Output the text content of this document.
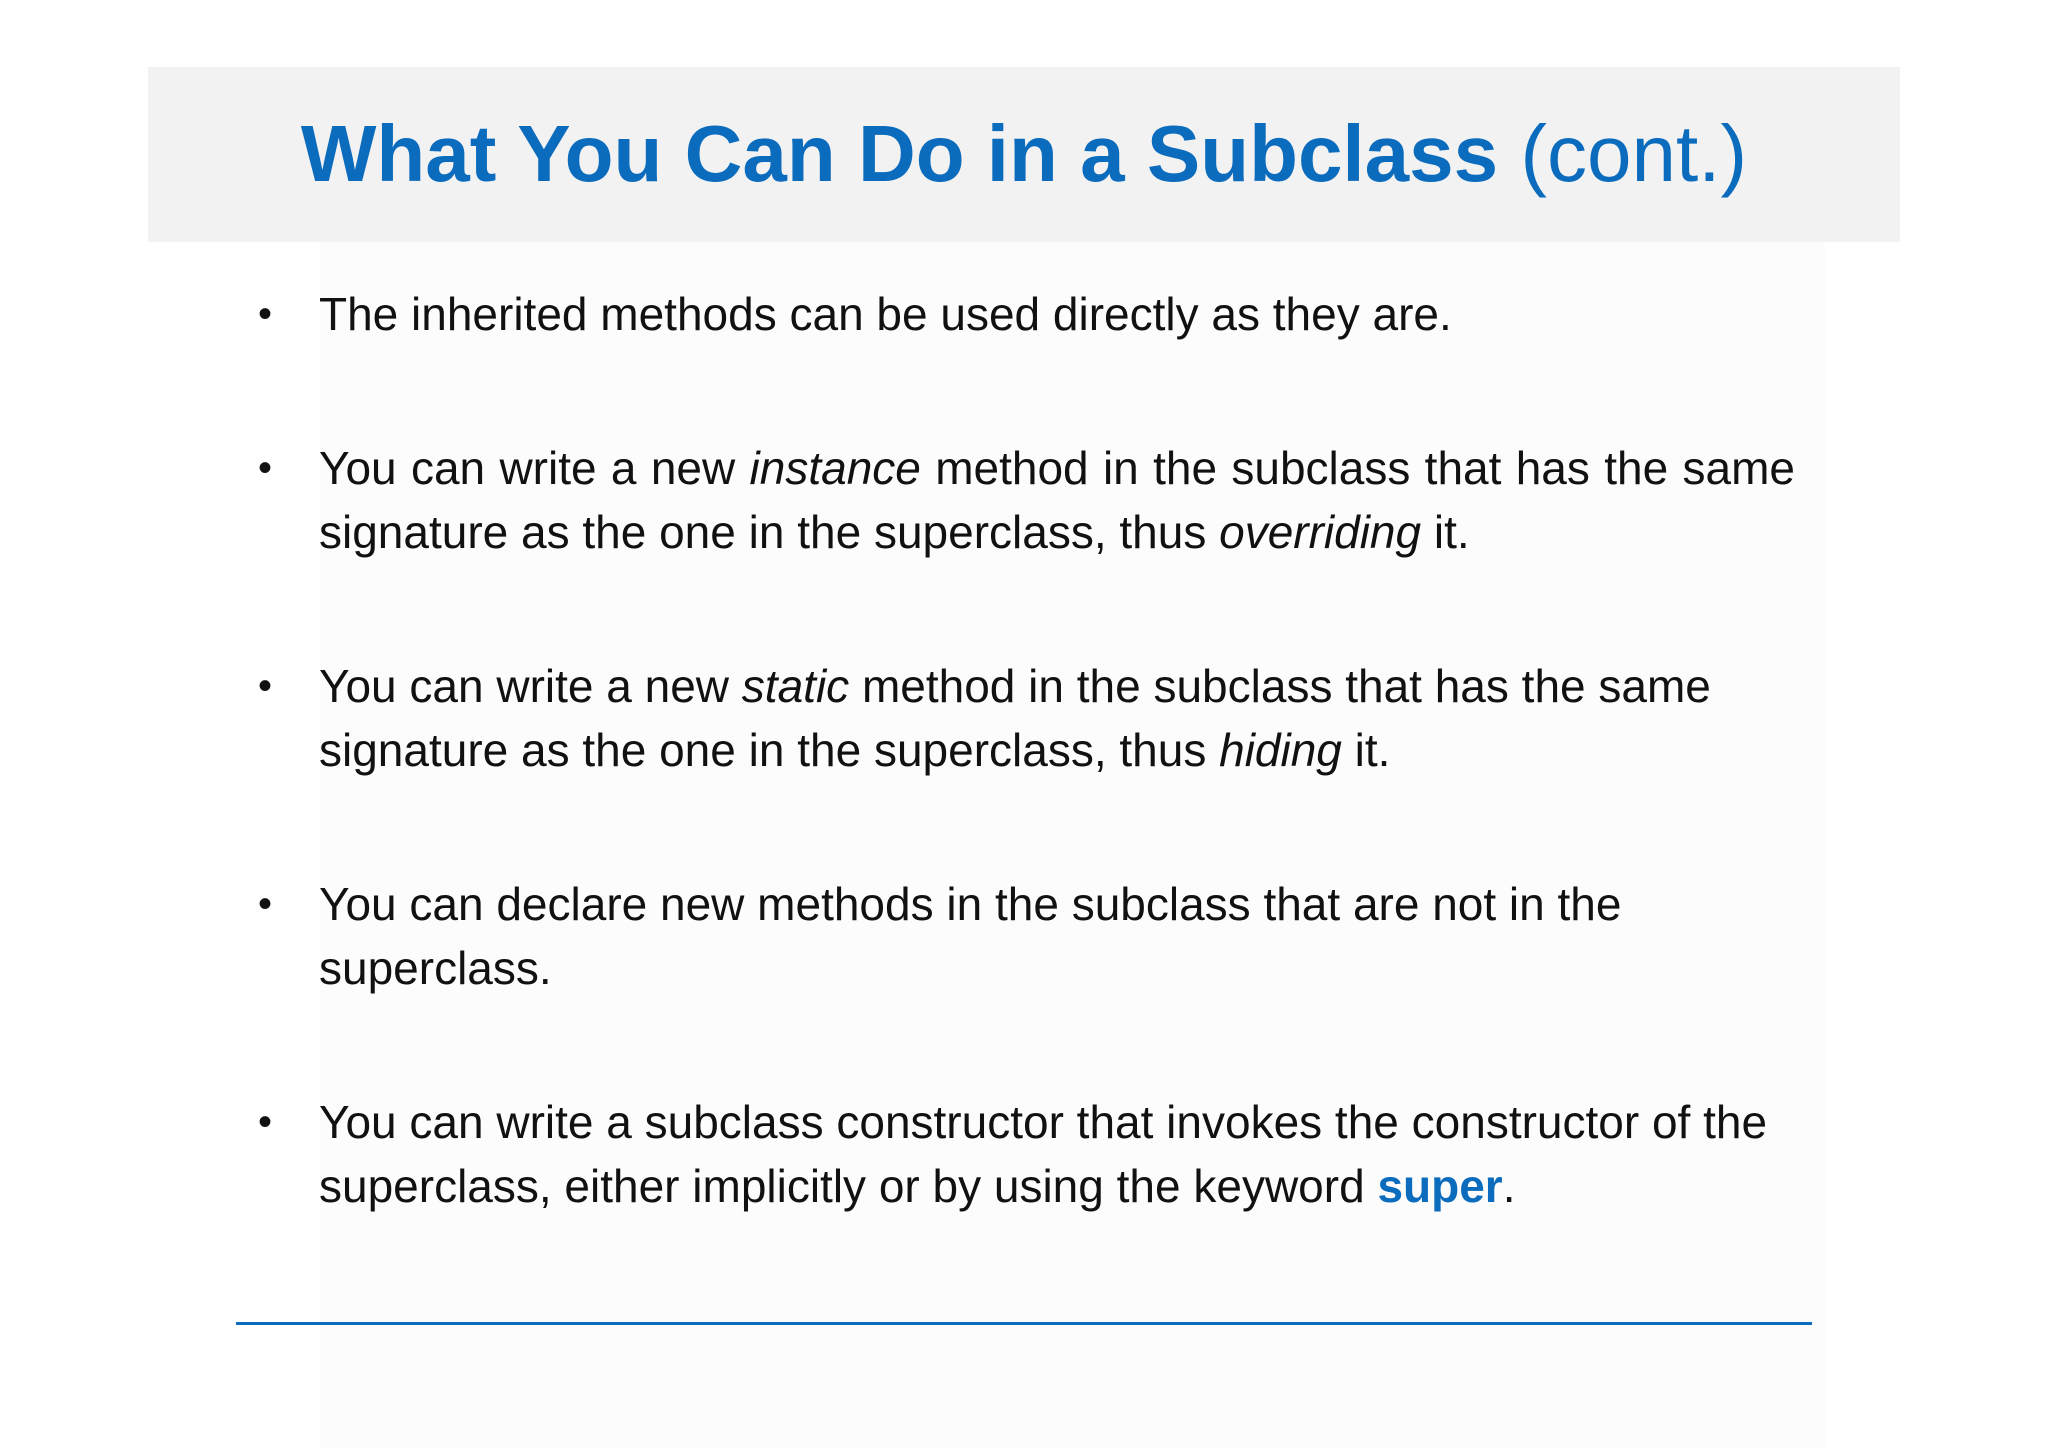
What You Can Do in a Subclass (cont.)
• The inherited methods can be used directly as they are.
• You can write a new instance method in the subclass that has the same signature as the one in the superclass, thus overriding it.
• You can write a new static method in the subclass that has the same signature as the one in the superclass, thus hiding it.
• You can declare new methods in the subclass that are not in the superclass.
• You can write a subclass constructor that invokes the constructor of the superclass, either implicitly or by using the keyword super.
